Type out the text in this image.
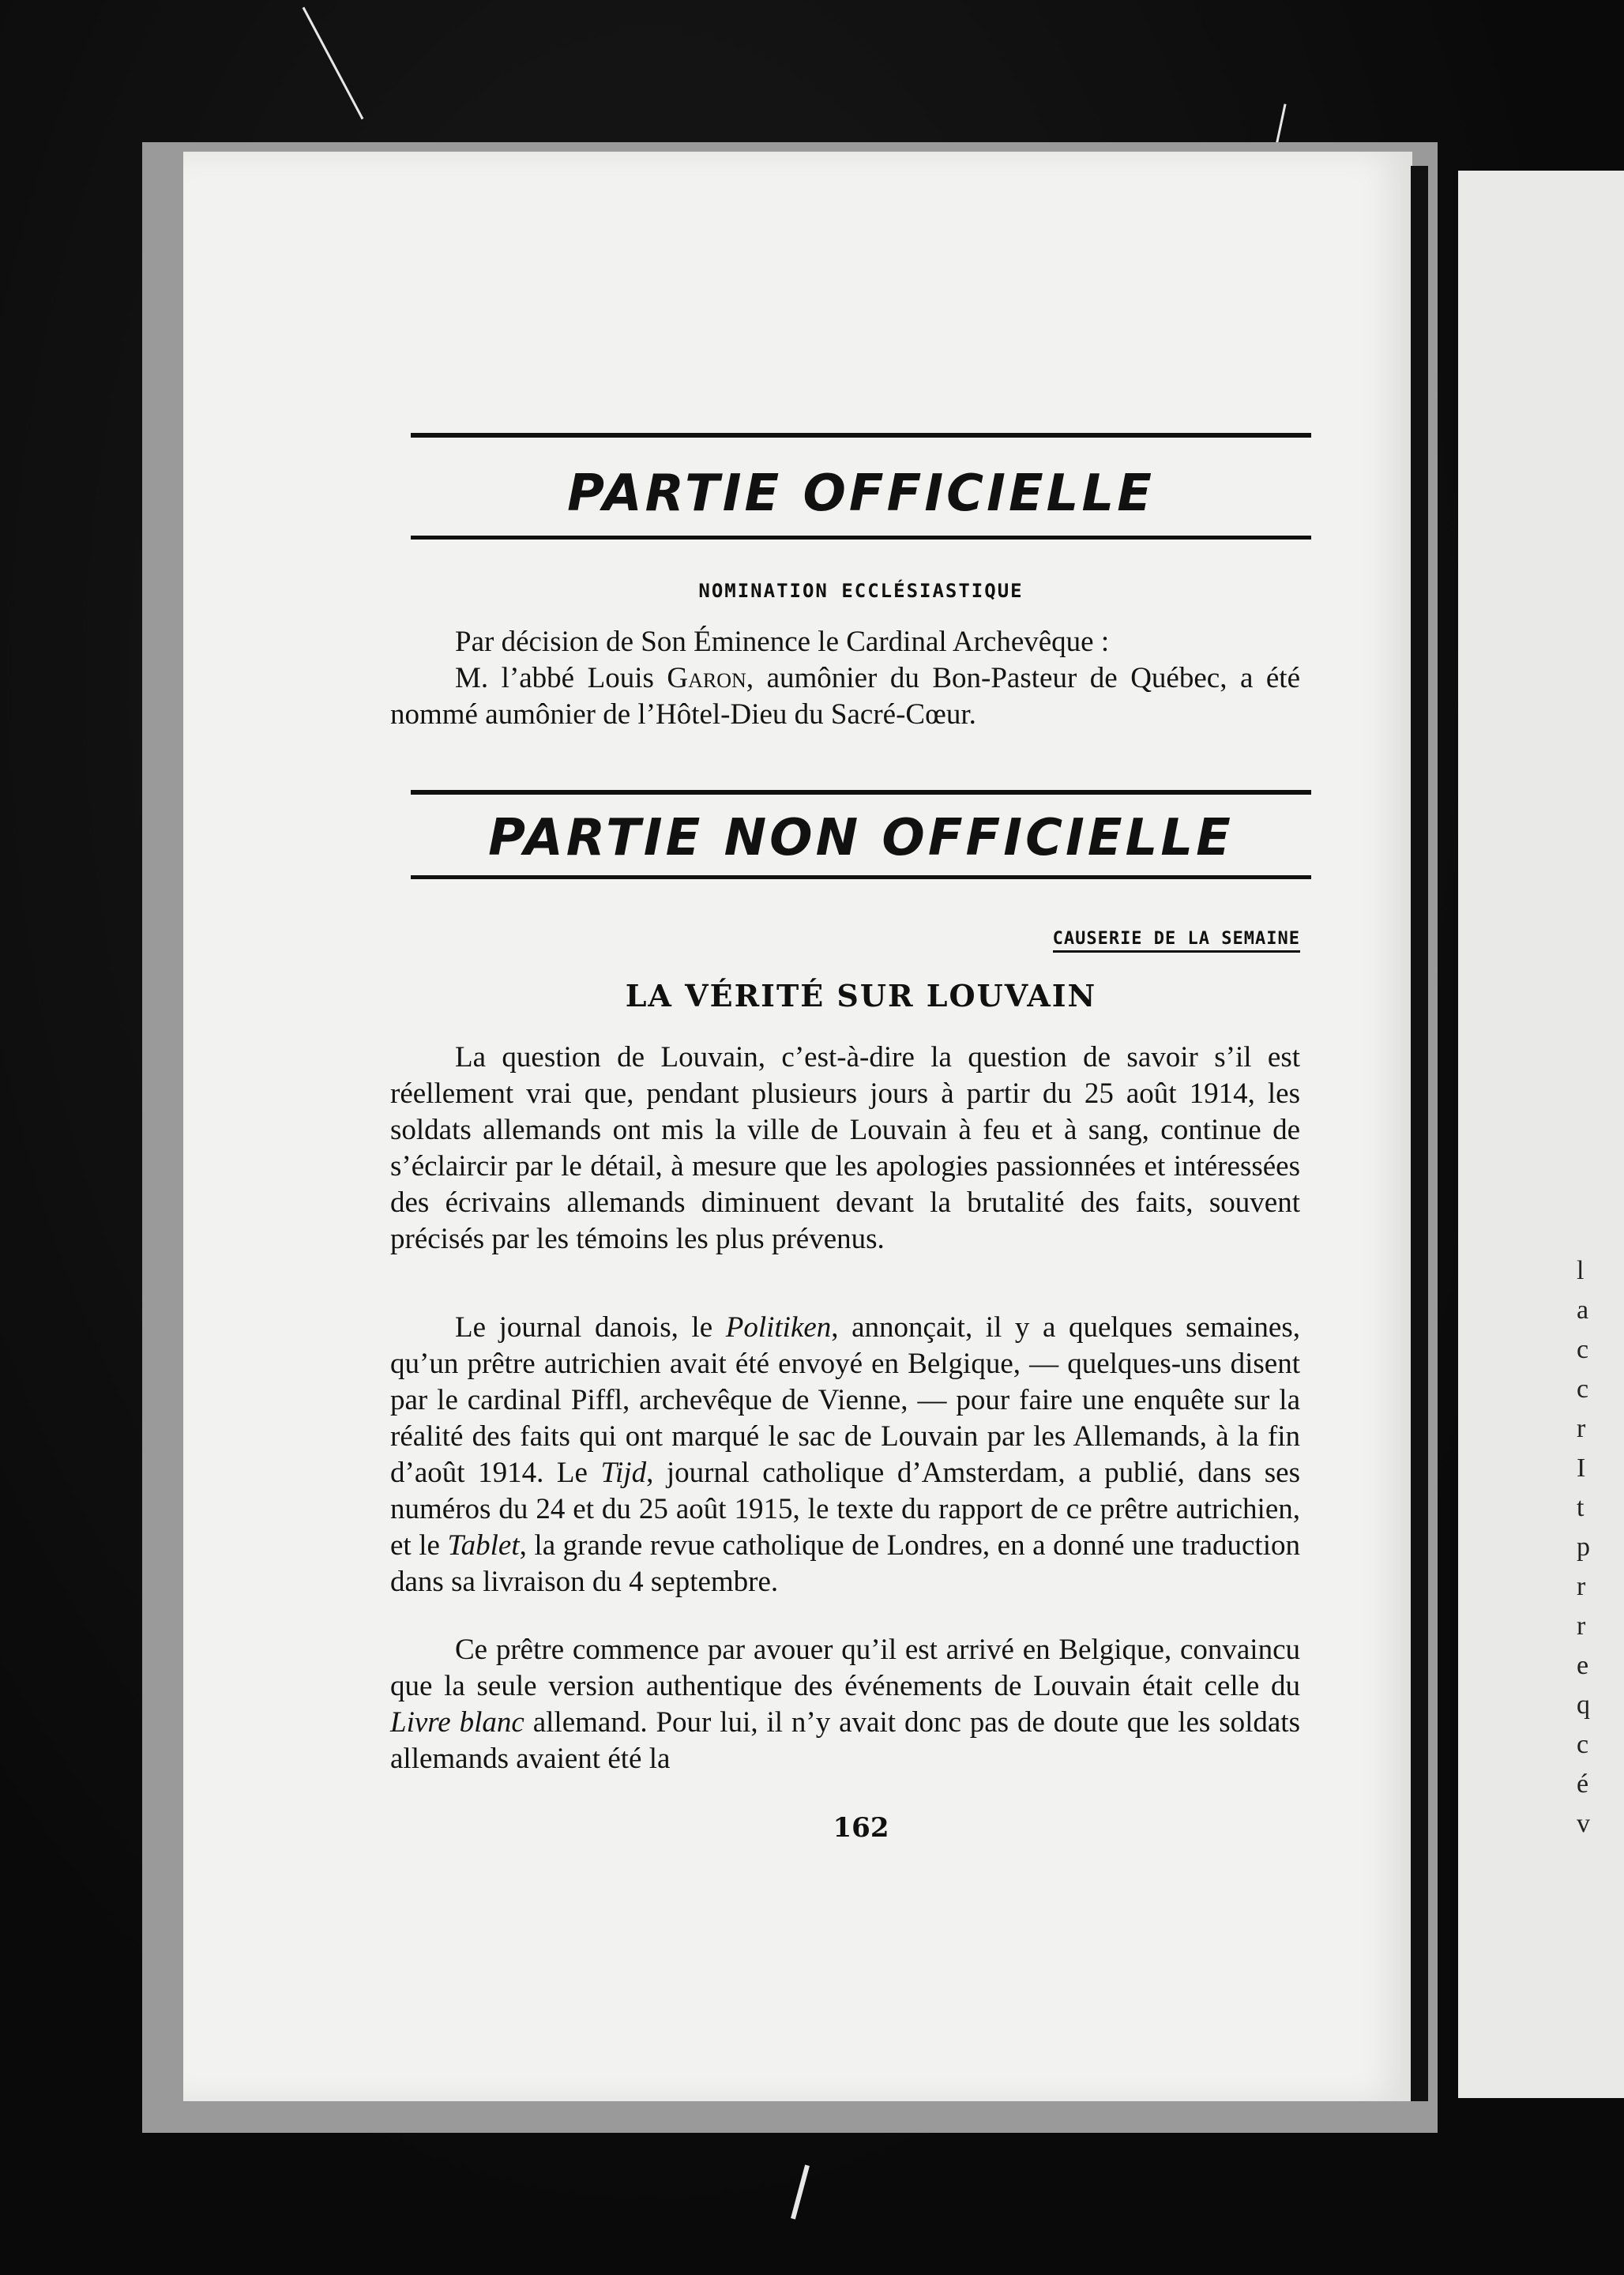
l
a
c
c
r
I
t
p
r
r
e
q
c
é
v
PARTIE OFFICIELLE
NOMINATION ECCLÉSIASTIQUE
Par décision de Son Éminence le Cardinal Archevêque :
M. l’abbé Louis Garon, aumônier du Bon-Pasteur de Québec, a été nommé aumônier de l’Hôtel-Dieu du Sacré-Cœur.
PARTIE NON OFFICIELLE
CAUSERIE DE LA SEMAINE
LA VÉRITÉ SUR LOUVAIN
La question de Louvain, c’est-à-dire la question de savoir s’il est réellement vrai que, pendant plusieurs jours à partir du 25 août 1914, les soldats allemands ont mis la ville de Louvain à feu et à sang, continue de s’éclaircir par le détail, à mesure que les apologies passionnées et intéressées des écrivains allemands diminuent devant la brutalité des faits, souvent précisés par les témoins les plus prévenus.
Le journal danois, le Politiken, annonçait, il y a quelques semaines, qu’un prêtre autrichien avait été envoyé en Belgique, — quelques-uns disent par le cardinal Piffl, archevêque de Vienne, — pour faire une enquête sur la réalité des faits qui ont marqué le sac de Louvain par les Allemands, à la fin d’août 1914. Le Tijd, journal catholique d’Amsterdam, a publié, dans ses numéros du 24 et du 25 août 1915, le texte du rapport de ce prêtre autrichien, et le Tablet, la grande revue catholique de Londres, en a donné une traduction dans sa livraison du 4 septembre.
Ce prêtre commence par avouer qu’il est arrivé en Belgique, convaincu que la seule version authentique des événements de Louvain était celle du Livre blanc allemand. Pour lui, il n’y avait donc pas de doute que les soldats allemands avaient été la
162
